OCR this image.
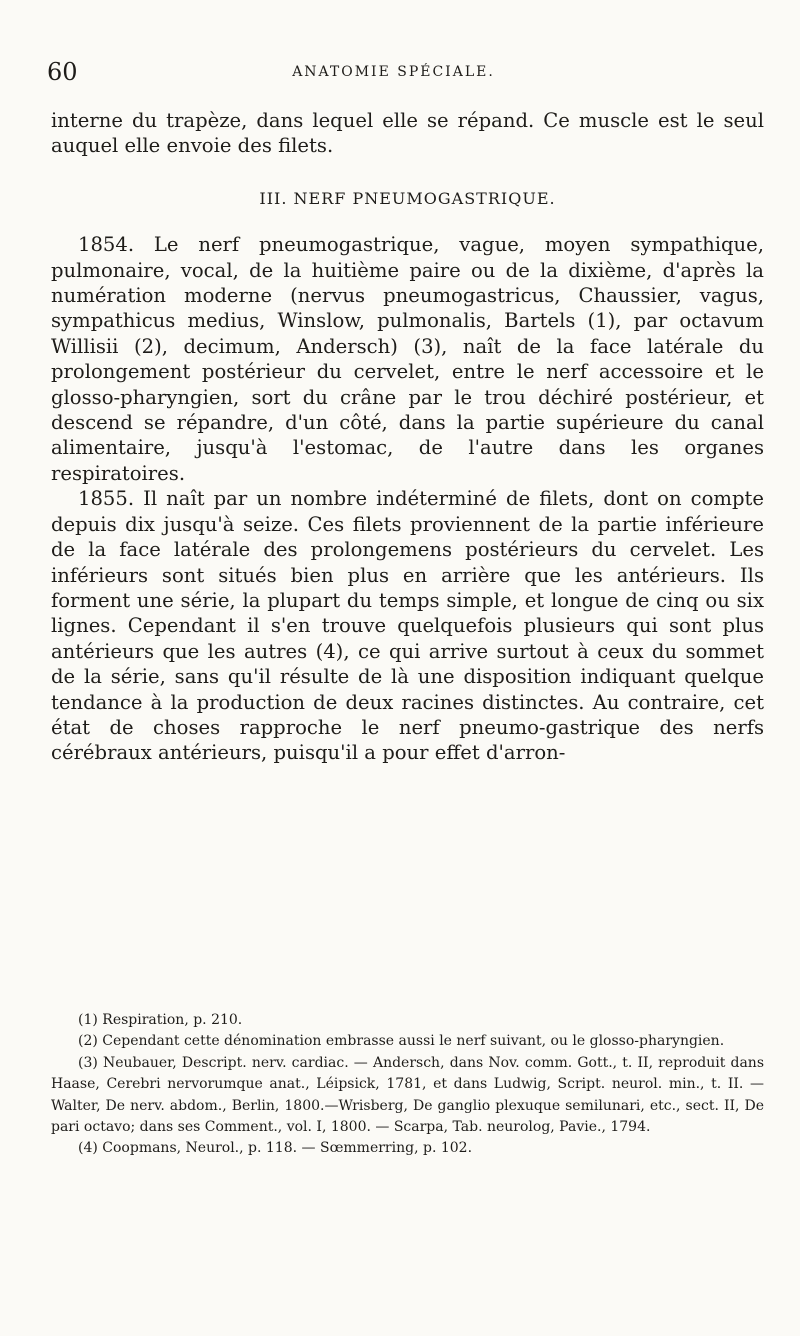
60	ANATOMIE SPÉCIALE.

interne du trapèze, dans lequel elle se répand. Ce muscle est le seul auquel elle envoie des filets.

III. NERF PNEUMOGASTRIQUE.

1854. Le nerf pneumogastrique, vague, moyen sympathique, pulmonaire, vocal, de la huitième paire ou de la dixième, d'après la numération moderne (nervus pneumogastricus, Chaussier, vagus, sympathicus medius, Winslow, pulmonalis, Bartels (1), par octavum Willisii (2), decimum, Andersch) (3), naît de la face latérale du prolongement postérieur du cervelet, entre le nerf accessoire et le glosso-pharyngien, sort du crâne par le trou déchiré postérieur, et descend se répandre, d'un côté, dans la partie supérieure du canal alimentaire, jusqu'à l'estomac, de l'autre dans les organes respiratoires.

1855. Il naît par un nombre indéterminé de filets, dont on compte depuis dix jusqu'à seize. Ces filets proviennent de la partie inférieure de la face latérale des prolongemens postérieurs du cervelet. Les inférieurs sont situés bien plus en arrière que les antérieurs. Ils forment une série, la plupart du temps simple, et longue de cinq ou six lignes. Cependant il s'en trouve quelquefois plusieurs qui sont plus antérieurs que les autres (4), ce qui arrive surtout à ceux du sommet de la série, sans qu'il résulte de là une disposition indiquant quelque tendance à la production de deux racines distinctes. Au contraire, cet état de choses rapproche le nerf pneumo-gastrique des nerfs cérébraux antérieurs, puisqu'il a pour effet d'arron-

(1) Respiration, p. 210.

(2) Cependant cette dénomination embrasse aussi le nerf suivant, ou le glosso-pharyngien.

(3) Neubauer, Descript. nerv. cardiac. — Andersch, dans Nov. comm. Gott., t. II, reproduit dans Haase, Cerebri nervorumque anat., Léipsick, 1781, et dans Ludwig, Script. neurol. min., t. II. — Walter, De nerv. abdom., Berlin, 1800.—Wrisberg, De ganglio plexuque semilunari, etc., sect. II, De pari octavo; dans ses Comment., vol. I, 1800. — Scarpa, Tab. neurolog, Pavie., 1794.

(4) Coopmans, Neurol., p. 118. — Sœmmerring, p. 102.
